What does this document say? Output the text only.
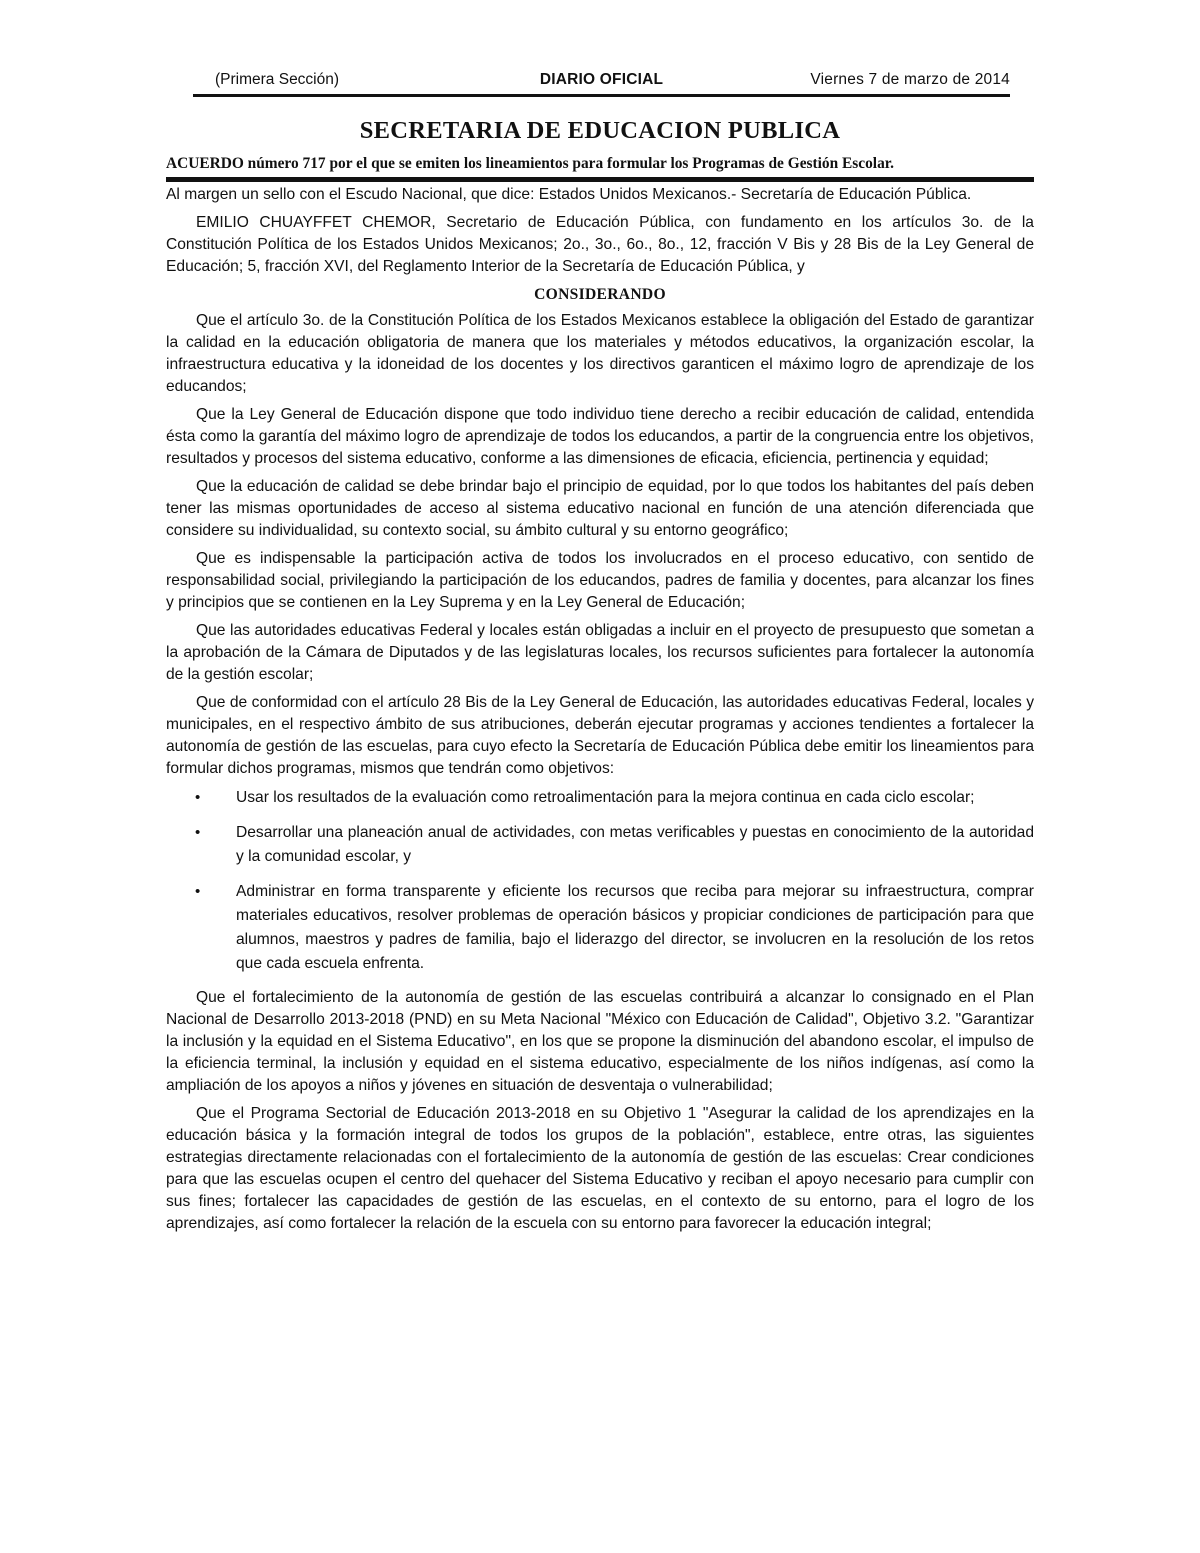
(Primera Sección)	DIARIO OFICIAL	Viernes 7 de marzo de 2014
SECRETARIA DE EDUCACION PUBLICA
ACUERDO número 717 por el que se emiten los lineamientos para formular los Programas de Gestión Escolar.

Al margen un sello con el Escudo Nacional, que dice: Estados Unidos Mexicanos.- Secretaría de Educación Pública.

EMILIO CHUAYFFET CHEMOR, Secretario de Educación Pública, con fundamento en los artículos 3o. de la Constitución Política de los Estados Unidos Mexicanos; 2o., 3o., 6o., 8o., 12, fracción V Bis y 28 Bis de la Ley General de Educación; 5, fracción XVI, del Reglamento Interior de la Secretaría de Educación Pública, y

CONSIDERANDO

Que el artículo 3o. de la Constitución Política de los Estados Mexicanos establece la obligación del Estado de garantizar la calidad en la educación obligatoria de manera que los materiales y métodos educativos, la organización escolar, la infraestructura educativa y la idoneidad de los docentes y los directivos garanticen el máximo logro de aprendizaje de los educandos;

Que la Ley General de Educación dispone que todo individuo tiene derecho a recibir educación de calidad, entendida ésta como la garantía del máximo logro de aprendizaje de todos los educandos, a partir de la congruencia entre los objetivos, resultados y procesos del sistema educativo, conforme a las dimensiones de eficacia, eficiencia, pertinencia y equidad;

Que la educación de calidad se debe brindar bajo el principio de equidad, por lo que todos los habitantes del país deben tener las mismas oportunidades de acceso al sistema educativo nacional en función de una atención diferenciada que considere su individualidad, su contexto social, su ámbito cultural y su entorno geográfico;

Que es indispensable la participación activa de todos los involucrados en el proceso educativo, con sentido de responsabilidad social, privilegiando la participación de los educandos, padres de familia y docentes, para alcanzar los fines y principios que se contienen en la Ley Suprema y en la Ley General de Educación;

Que las autoridades educativas Federal y locales están obligadas a incluir en el proyecto de presupuesto que sometan a la aprobación de la Cámara de Diputados y de las legislaturas locales, los recursos suficientes para fortalecer la autonomía de la gestión escolar;

Que de conformidad con el artículo 28 Bis de la Ley General de Educación, las autoridades educativas Federal, locales y municipales, en el respectivo ámbito de sus atribuciones, deberán ejecutar programas y acciones tendientes a fortalecer la autonomía de gestión de las escuelas, para cuyo efecto la Secretaría de Educación Pública debe emitir los lineamientos para formular dichos programas, mismos que tendrán como objetivos:

• Usar los resultados de la evaluación como retroalimentación para la mejora continua en cada ciclo escolar;
• Desarrollar una planeación anual de actividades, con metas verificables y puestas en conocimiento de la autoridad y la comunidad escolar, y
• Administrar en forma transparente y eficiente los recursos que reciba para mejorar su infraestructura, comprar materiales educativos, resolver problemas de operación básicos y propiciar condiciones de participación para que alumnos, maestros y padres de familia, bajo el liderazgo del director, se involucren en la resolución de los retos que cada escuela enfrenta.

Que el fortalecimiento de la autonomía de gestión de las escuelas contribuirá a alcanzar lo consignado en el Plan Nacional de Desarrollo 2013-2018 (PND) en su Meta Nacional "México con Educación de Calidad", Objetivo 3.2. "Garantizar la inclusión y la equidad en el Sistema Educativo", en los que se propone la disminución del abandono escolar, el impulso de la eficiencia terminal, la inclusión y equidad en el sistema educativo, especialmente de los niños indígenas, así como la ampliación de los apoyos a niños y jóvenes en situación de desventaja o vulnerabilidad;

Que el Programa Sectorial de Educación 2013-2018 en su Objetivo 1 "Asegurar la calidad de los aprendizajes en la educación básica y la formación integral de todos los grupos de la población", establece, entre otras, las siguientes estrategias directamente relacionadas con el fortalecimiento de la autonomía de gestión de las escuelas: Crear condiciones para que las escuelas ocupen el centro del quehacer del Sistema Educativo y reciban el apoyo necesario para cumplir con sus fines; fortalecer las capacidades de gestión de las escuelas, en el contexto de su entorno, para el logro de los aprendizajes, así como fortalecer la relación de la escuela con su entorno para favorecer la educación integral;
